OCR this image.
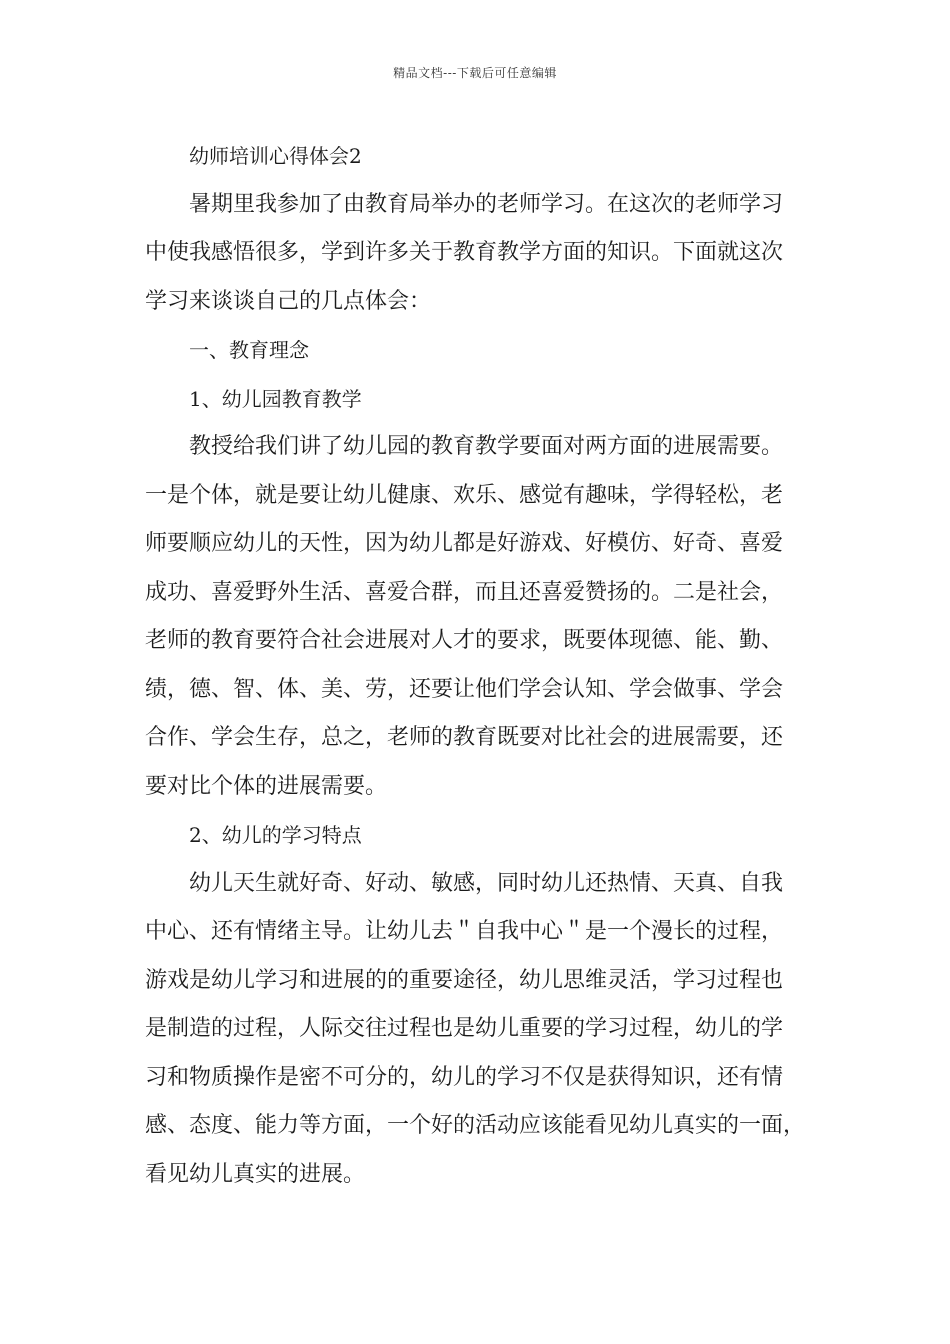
精品文档---下载后可任意编辑
幼师培训心得体会2
暑期里我参加了由教育局举办的老师学习。在这次的老师学习
中使我感悟很多，学到许多关于教育教学方面的知识。下面就这次
学习来谈谈自己的几点体会：
一、教育理念
1、幼儿园教育教学
教授给我们讲了幼儿园的教育教学要面对两方面的进展需要。
一是个体，就是要让幼儿健康、欢乐、感觉有趣味，学得轻松，老
师要顺应幼儿的天性，因为幼儿都是好游戏、好模仿、好奇、喜爱
成功、喜爱野外生活、喜爱合群，而且还喜爱赞扬的。二是社会，
老师的教育要符合社会进展对人才的要求，既要体现德、能、勤、
绩，德、智、体、美、劳，还要让他们学会认知、学会做事、学会
合作、学会生存，总之，老师的教育既要对比社会的进展需要，还
要对比个体的进展需要。
2、幼儿的学习特点
幼儿天生就好奇、好动、敏感，同时幼儿还热情、天真、自我
中心、还有情绪主导。让幼儿去＂自我中心＂是一个漫长的过程，
游戏是幼儿学习和进展的的重要途径，幼儿思维灵活，学习过程也
是制造的过程，人际交往过程也是幼儿重要的学习过程，幼儿的学
习和物质操作是密不可分的，幼儿的学习不仅是获得知识，还有情
感、态度、能力等方面，一个好的活动应该能看见幼儿真实的一面，
看见幼儿真实的进展。
